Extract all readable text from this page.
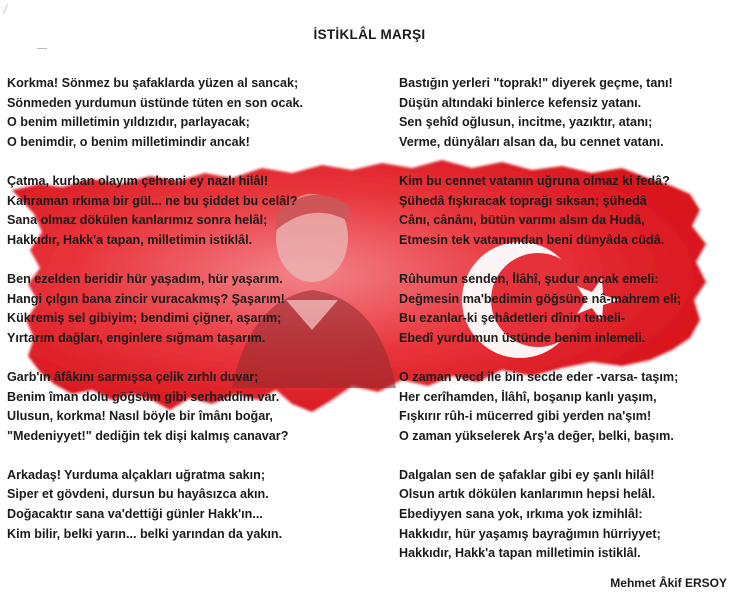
İSTİKLÂL MARŞI
Korkma! Sönmez bu şafaklarda yüzen al sancak;
Sönmeden yurdumun üstünde tüten en son ocak.
O benim milletimin yıldızıdır, parlayacak;
O benimdir, o benim milletimindir ancak!
Çatma, kurban olayım çehreni ey nazlı hilâl!
Kahraman ırkıma bir gül... ne bu şiddet bu celâl?
Sana olmaz dökülen kanlarımız sonra helâl;
Hakkıdır, Hakk'a tapan, milletimin istiklâl.
Ben ezelden beridir hür yaşadım, hür yaşarım.
Hangi çılgın bana zincir vuracakmış? Şaşarım!
Kükremiş sel gibiyim; bendimi çiğner, aşarım;
Yırtarım dağları, enginlere sığmam taşarım.
Garb'ın âfâkını sarmışsa çelik zırhlı duvar;
Benim îman dolu göğsüm gibi serhaddim var.
Ulusun, korkma! Nasıl böyle bir îmânı boğar,
"Medeniyyet!" dediğin tek dişi kalmış canavar?
Arkadaş! Yurduma alçakları uğratma sakın;
Siper et gövdeni, dursun bu hayâsızca akın.
Doğacaktır sana va'dettiği günler Hakk'ın...
Kim bilir, belki yarın... belki yarından da yakın.
Bastığın yerleri "toprak!" diyerek geçme, tanı!
Düşün altındaki binlerce kefensiz yatanı.
Sen şehîd oğlusun, incitme, yazıktır, atanı;
Verme, dünyâları alsan da, bu cennet vatanı.
Kim bu cennet vatanın uğruna olmaz ki fedâ?
Şühedâ fışkıracak toprağı sıksan; şühedâ
Cânı, cânânı, bütün varımı alsın da Hudâ,
Etmesin tek vatanımdan beni dünyâda cüdâ.
Rûhumun senden, İlâhî, şudur ancak emeli:
Değmesin ma'bedimin göğsüne nâ-mahrem eli;
Bu ezanlar-ki şehâdetleri dînin temeli-
Ebedî yurdumun üstünde benim inlemeli.
O zaman vecd ile bin secde eder -varsa- taşım;
Her cerîhamden, İlâhî, boşanıp kanlı yaşım,
Fışkırır rûh-i mücerred gibi yerden na'şım!
O zaman yükselerek Arş'a değer, belki, başım.
Dalgalan sen de şafaklar gibi ey şanlı hilâl!
Olsun artık dökülen kanlarımın hepsi helâl.
Ebediyyen sana yok, ırkıma yok izmihlâl:
Hakkıdır, hür yaşamış bayrağımın hürriyyet;
Hakkıdır, Hakk'a tapan milletimin istiklâl.
Mehmet Âkif ERSOY
